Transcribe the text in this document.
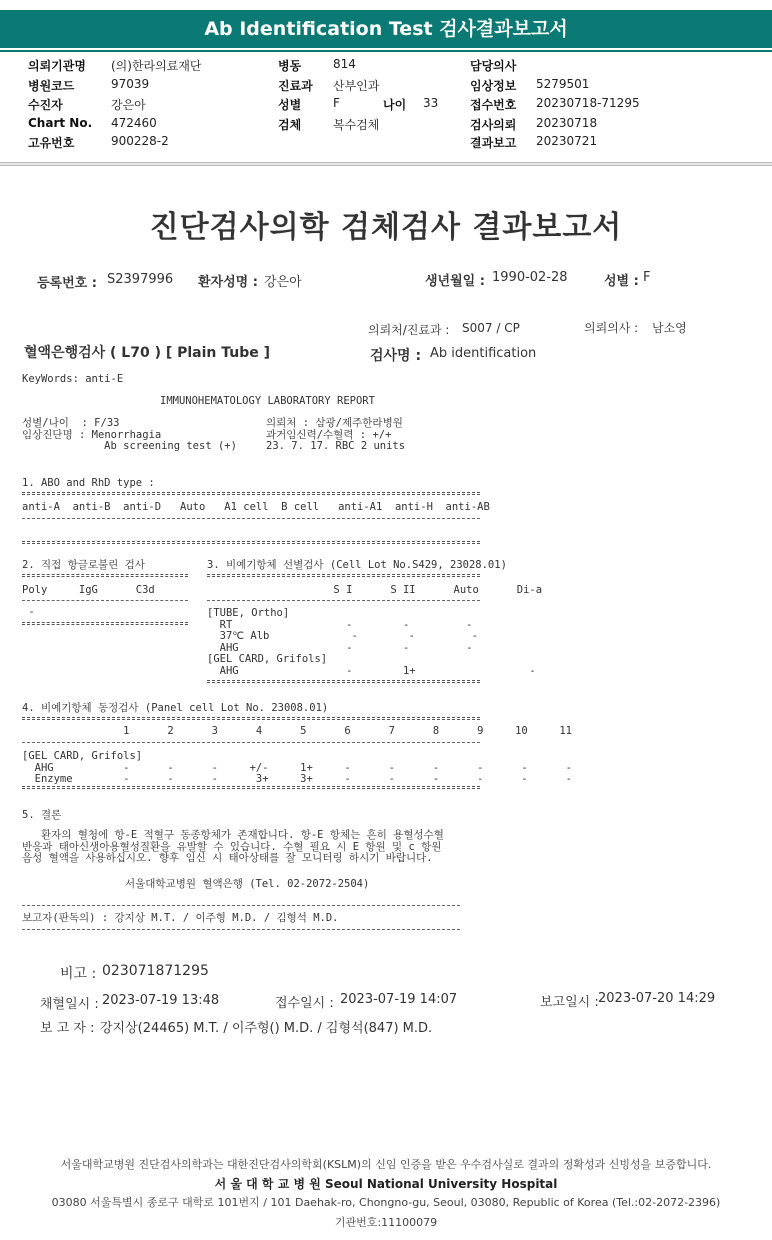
Ab Identification Test 검사결과보고서
의뢰기관명 (의)한라의료재단
병원코드	97039
수진자	강은아
Chart No. 472460
고유번호	900228-2
병동	814
진료과 산부인과
성별	F	나이 33
검체	복수검체
담당의사
임상정보 5279501
접수번호 20230718-71295
검사의뢰 20230718
결과보고 20230721
진단검사의학 검체검사 결과보고서
등록번호 : S2397996 환자성명 : 강은아	생년월일 : 1990-02-28	성별 : F
의뢰처/진료과 : S007 / CP	의뢰의사 : 남소영
혈액은행검사 ( L70 ) [ Plain Tube ]	검사명 : Ab identification
KeyWords: anti-E
IMMUNOHEMATOLOGY LABORATORY REPORT
성별/나이  : F/33
임상진단명 : Menorrhagia
Ab screening test (+)
의뢰처 : 삼광/제주한라병원
과거임신력/수혈력 : +/+
23. 7. 17. RBC 2 units
1. ABO and RhD type :
anti-A  anti-B  anti-D   Auto   A1 cell  B cell   anti-A1  anti-H  anti-AB
2. 직접 항글로불린 검사
Poly     IgG      C3d
-
3. 비예기항체 선별검사 (Cell Lot No.S429, 23028.01)
S I      S II      Auto      Di-a
[TUBE, Ortho]
RT                  -        -         -
37℃ Alb             -        -         -
AHG                 -        -         -
[GEL CARD, Grifols]
AHG                 -        1+                  -
4. 비예기항체 동정검사 (Panel cell Lot No. 23008.01)
1      2      3      4      5      6      7      8      9     10     11
[GEL CARD, Grifols]
AHG           -      -      -     +/-     1+     -      -      -      -      -      -
Enzyme        -      -      -      3+     3+     -      -      -      -      -      -
5. 결론
환자의 혈청에 항-E 적혈구 동종항체가 존재합니다. 항-E 항체는 흔히 용혈성수혈
반응과 태아신생아용혈성질환을 유발할 수 있습니다. 수혈 필요 시 E 항원 및 c 항원
음성 혈액을 사용하십시오. 향후 임신 시 태아상태를 잘 모니터링 하시기 바랍니다.
서울대학교병원 혈액은행 (Tel. 02-2072-2504)
보고자(판독의) : 강지상 M.T. / 이주형 M.D. / 김형석 M.D.
비고 : 023071871295
채혈일시 : 2023-07-19 13:48	접수일시 : 2023-07-19 14:07	보고일시 : 2023-07-20 14:29
보 고 자 : 강지상(24465) M.T. / 이주형() M.D. / 김형석(847) M.D.
서울대학교병원 진단검사의학과는 대한진단검사의학회(KSLM)의 신임 인증을 받은 우수검사실로 결과의 정확성과 신빙성을 보증합니다.
서 울 대 학 교 병 원 Seoul National University Hospital
03080 서울특별시 종로구 대학로 101번지 / 101 Daehak-ro, Chongno-gu, Seoul, 03080, Republic of Korea (Tel.:02-2072-2396)
기관번호:11100079
